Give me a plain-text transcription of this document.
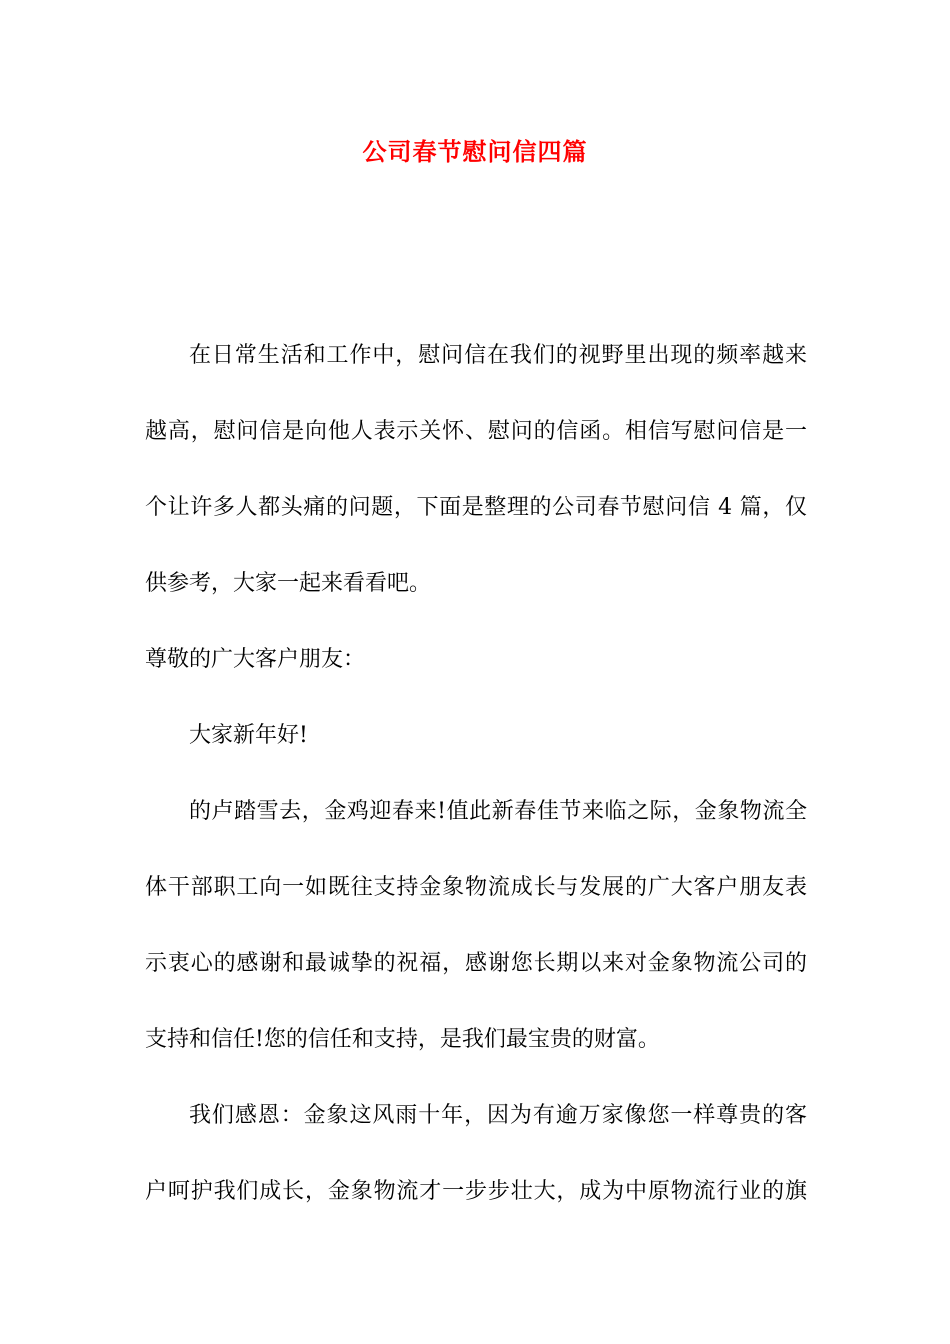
公司春节慰问信四篇
在日常生活和工作中，慰问信在我们的视野里出现的频率越来
越高，慰问信是向他人表示关怀、慰问的信函。相信写慰问信是一
个让许多人都头痛的问题，下面是整理的公司春节慰问信 4 篇，仅
供参考，大家一起来看看吧。
尊敬的广大客户朋友：
大家新年好!
的卢踏雪去，金鸡迎春来!值此新春佳节来临之际，金象物流全
体干部职工向一如既往支持金象物流成长与发展的广大客户朋友表
示衷心的感谢和最诚挚的祝福，感谢您长期以来对金象物流公司的
支持和信任!您的信任和支持，是我们最宝贵的财富。
我们感恩：金象这风雨十年，因为有逾万家像您一样尊贵的客
户呵护我们成长，金象物流才一步步壮大，成为中原物流行业的旗
